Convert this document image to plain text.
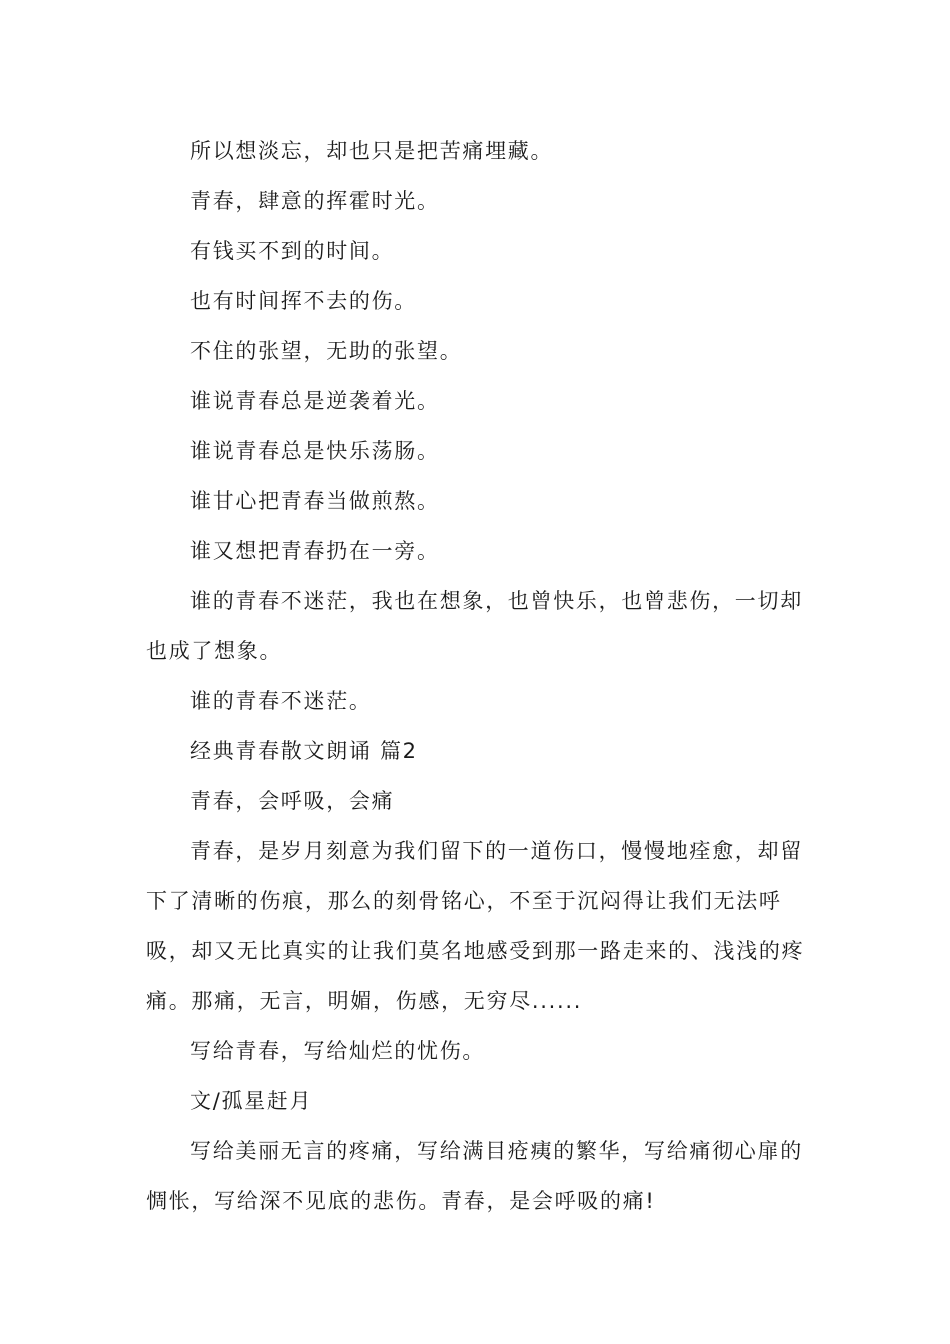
所以想淡忘，却也只是把苦痛埋藏。

青春，肆意的挥霍时光。

有钱买不到的时间。

也有时间挥不去的伤。

不住的张望，无助的张望。

谁说青春总是逆袭着光。

谁说青春总是快乐荡肠。

谁甘心把青春当做煎熬。

谁又想把青春扔在一旁。

谁的青春不迷茫，我也在想象，也曾快乐，也曾悲伤，一切却也成了想象。

谁的青春不迷茫。

经典青春散文朗诵 篇2

青春，会呼吸，会痛

青春，是岁月刻意为我们留下的一道伤口，慢慢地痊愈，却留下了清晰的伤痕，那么的刻骨铭心，不至于沉闷得让我们无法呼吸，却又无比真实的让我们莫名地感受到那一路走来的、浅浅的疼痛。那痛，无言，明媚，伤感，无穷尽......

写给青春，写给灿烂的忧伤。

文/孤星赶月

写给美丽无言的疼痛，写给满目疮痍的繁华，写给痛彻心扉的惆怅，写给深不见底的悲伤。青春，是会呼吸的痛!
